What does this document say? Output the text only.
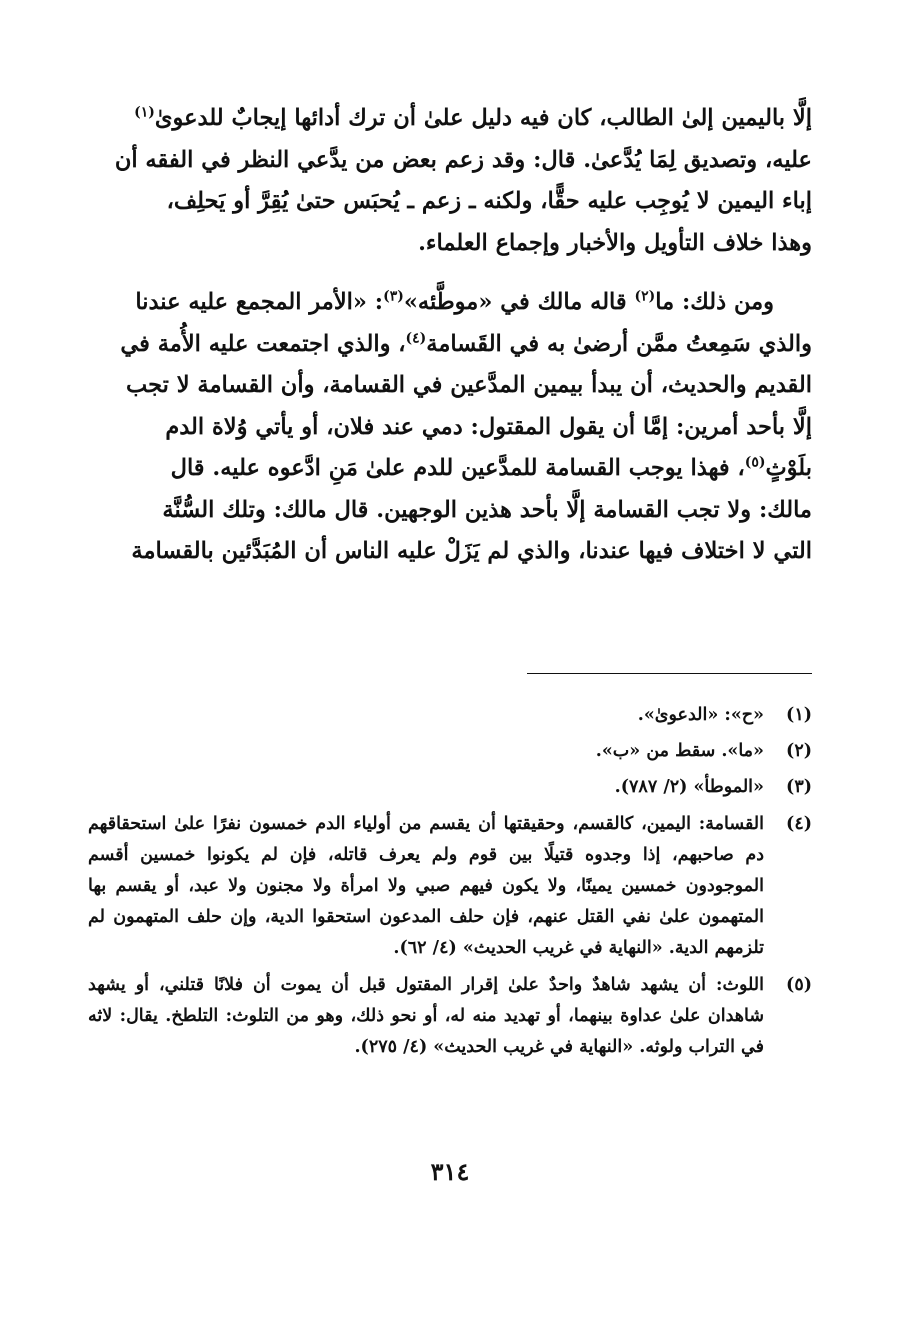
إلَّا باليمين إلىٰ الطالب، كان فيه دليل علىٰ أن ترك أدائها إيجابٌ للدعوىٰ$^{(١)}$
عليه، وتصديق لِمَا يُدَّعىٰ. قال: وقد زعم بعض من يدَّعي النظر في الفقه أن
إباء اليمين لا يُوجِب عليه حقًّا، ولكنه ـ زعم ـ يُحبَس حتىٰ يُقِرَّ أو يَحلِف،
وهذا خلاف التأويل والأخبار وإجماع العلماء.

ومن ذلك: ما$^{(٢)}$ قاله مالك في «موطَّئه»$^{(٣)}$: «الأمر المجمع عليه عندنا
والذي سَمِعتُ ممَّن أرضىٰ به في القَسامة$^{(٤)}$، والذي اجتمعت عليه الأُمة في
القديم والحديث، أن يبدأ بيمين المدَّعين في القسامة، وأن القسامة لا تجب
إلَّا بأحد أمرين: إمَّا أن يقول المقتول: دمي عند فلان، أو يأتي وُلاة الدم
بلَوْثٍ$^{(٥)}$، فهذا يوجب القسامة للمدَّعين للدم علىٰ مَنِ ادَّعوه عليه. قال
مالك: ولا تجب القسامة إلَّا بأحد هذين الوجهين. قال مالك: وتلك السُّنَّة
التي لا اختلاف فيها عندنا، والذي لم يَزَلْ عليه الناس أن المُبَدَّئين بالقسامة

(١)
«ح»: «الدعوىٰ».
(٢)
«ما». سقط من «ب».
(٣)
«الموطأ» (٢/ ٧٨٧).
(٤)
القسامة: اليمين، كالقسم، وحقيقتها أن يقسم من أولياء الدم خمسون نفرًا علىٰ استحقاقهم دم صاحبهم، إذا وجدوه قتيلًا بين قوم ولم يعرف قاتله، فإن لم يكونوا خمسين أقسم الموجودون خمسين يمينًا، ولا يكون فيهم صبي ولا امرأة ولا مجنون ولا عبد، أو يقسم بها المتهمون علىٰ نفي القتل عنهم، فإن حلف المدعون استحقوا الدية، وإن حلف المتهمون لم تلزمهم الدية. «النهاية في غريب الحديث» (٤/ ٦٢).
(٥)
اللوث: أن يشهد شاهدٌ واحدٌ علىٰ إقرار المقتول قبل أن يموت أن فلانًا قتلني، أو يشهد شاهدان علىٰ عداوة بينهما، أو تهديد منه له، أو نحو ذلك، وهو من التلوث: التلطخ. يقال: لاثه في التراب ولوثه. «النهاية في غريب الحديث» (٤/ ٢٧٥).
٣١٤
